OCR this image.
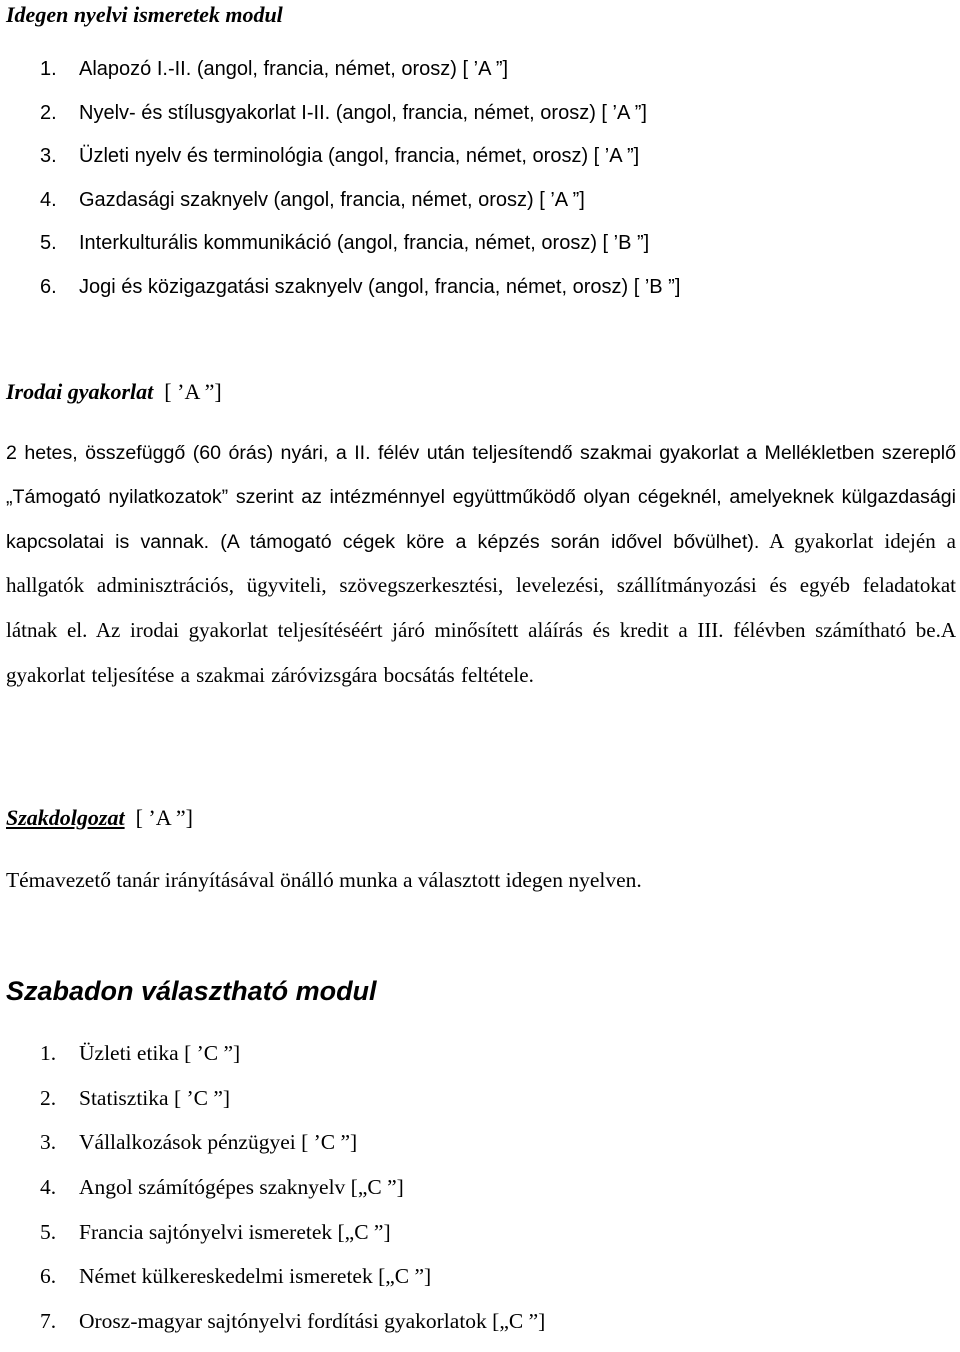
Idegen nyelvi ismeretek modul
1. Alapozó I.-II. (angol, francia, német, orosz) [ ’A ”]
2. Nyelv- és stílusgyakorlat I-II. (angol, francia, német, orosz) [ ’A ”]
3. Üzleti nyelv és terminológia (angol, francia, német, orosz) [ ’A ”]
4. Gazdasági szaknyelv (angol, francia, német, orosz) [ ’A ”]
5. Interkulturális kommunikáció (angol, francia, német, orosz) [ ’B ”]
6. Jogi és közigazgatási szaknyelv (angol, francia, német, orosz) [ ’B ”]
Irodai gyakorlat [ ’A ”]

2 hetes, összefüggő (60 órás) nyári, a II. félév után teljesítendő szakmai gyakorlat a Mellékletben szereplő „Támogató nyilatkozatok” szerint az intézménnyel együttműködő olyan cégeknél, amelyeknek külgazdasági kapcsolatai is vannak. (A támogató cégek köre a képzés során idővel bővülhet). A gyakorlat idején a hallgatók adminisztrációs, ügyviteli, szövegszerkesztési, levelezési, szállítmányozási és egyéb feladatokat látnak el. Az irodai gyakorlat teljesítéséért járó minősített aláírás és kredit a III. félévben számítható be.A gyakorlat teljesítése a szakmai záróvizsgára bocsátás feltétele.

Szakdolgozat [ ’A ”]

Témavezető tanár irányításával önálló munka a választott idegen nyelven.

Szabadon választható modul
1. Üzleti etika [ ’C ”]
2. Statisztika [ ’C ”]
3. Vállalkozások pénzügyei [ ’C ”]
4. Angol számítógépes szaknyelv [„C ”]
5. Francia sajtónyelvi ismeretek [„C ”]
6. Német külkereskedelmi ismeretek [„C ”]
7. Orosz-magyar sajtónyelvi fordítási gyakorlatok [„C ”]
